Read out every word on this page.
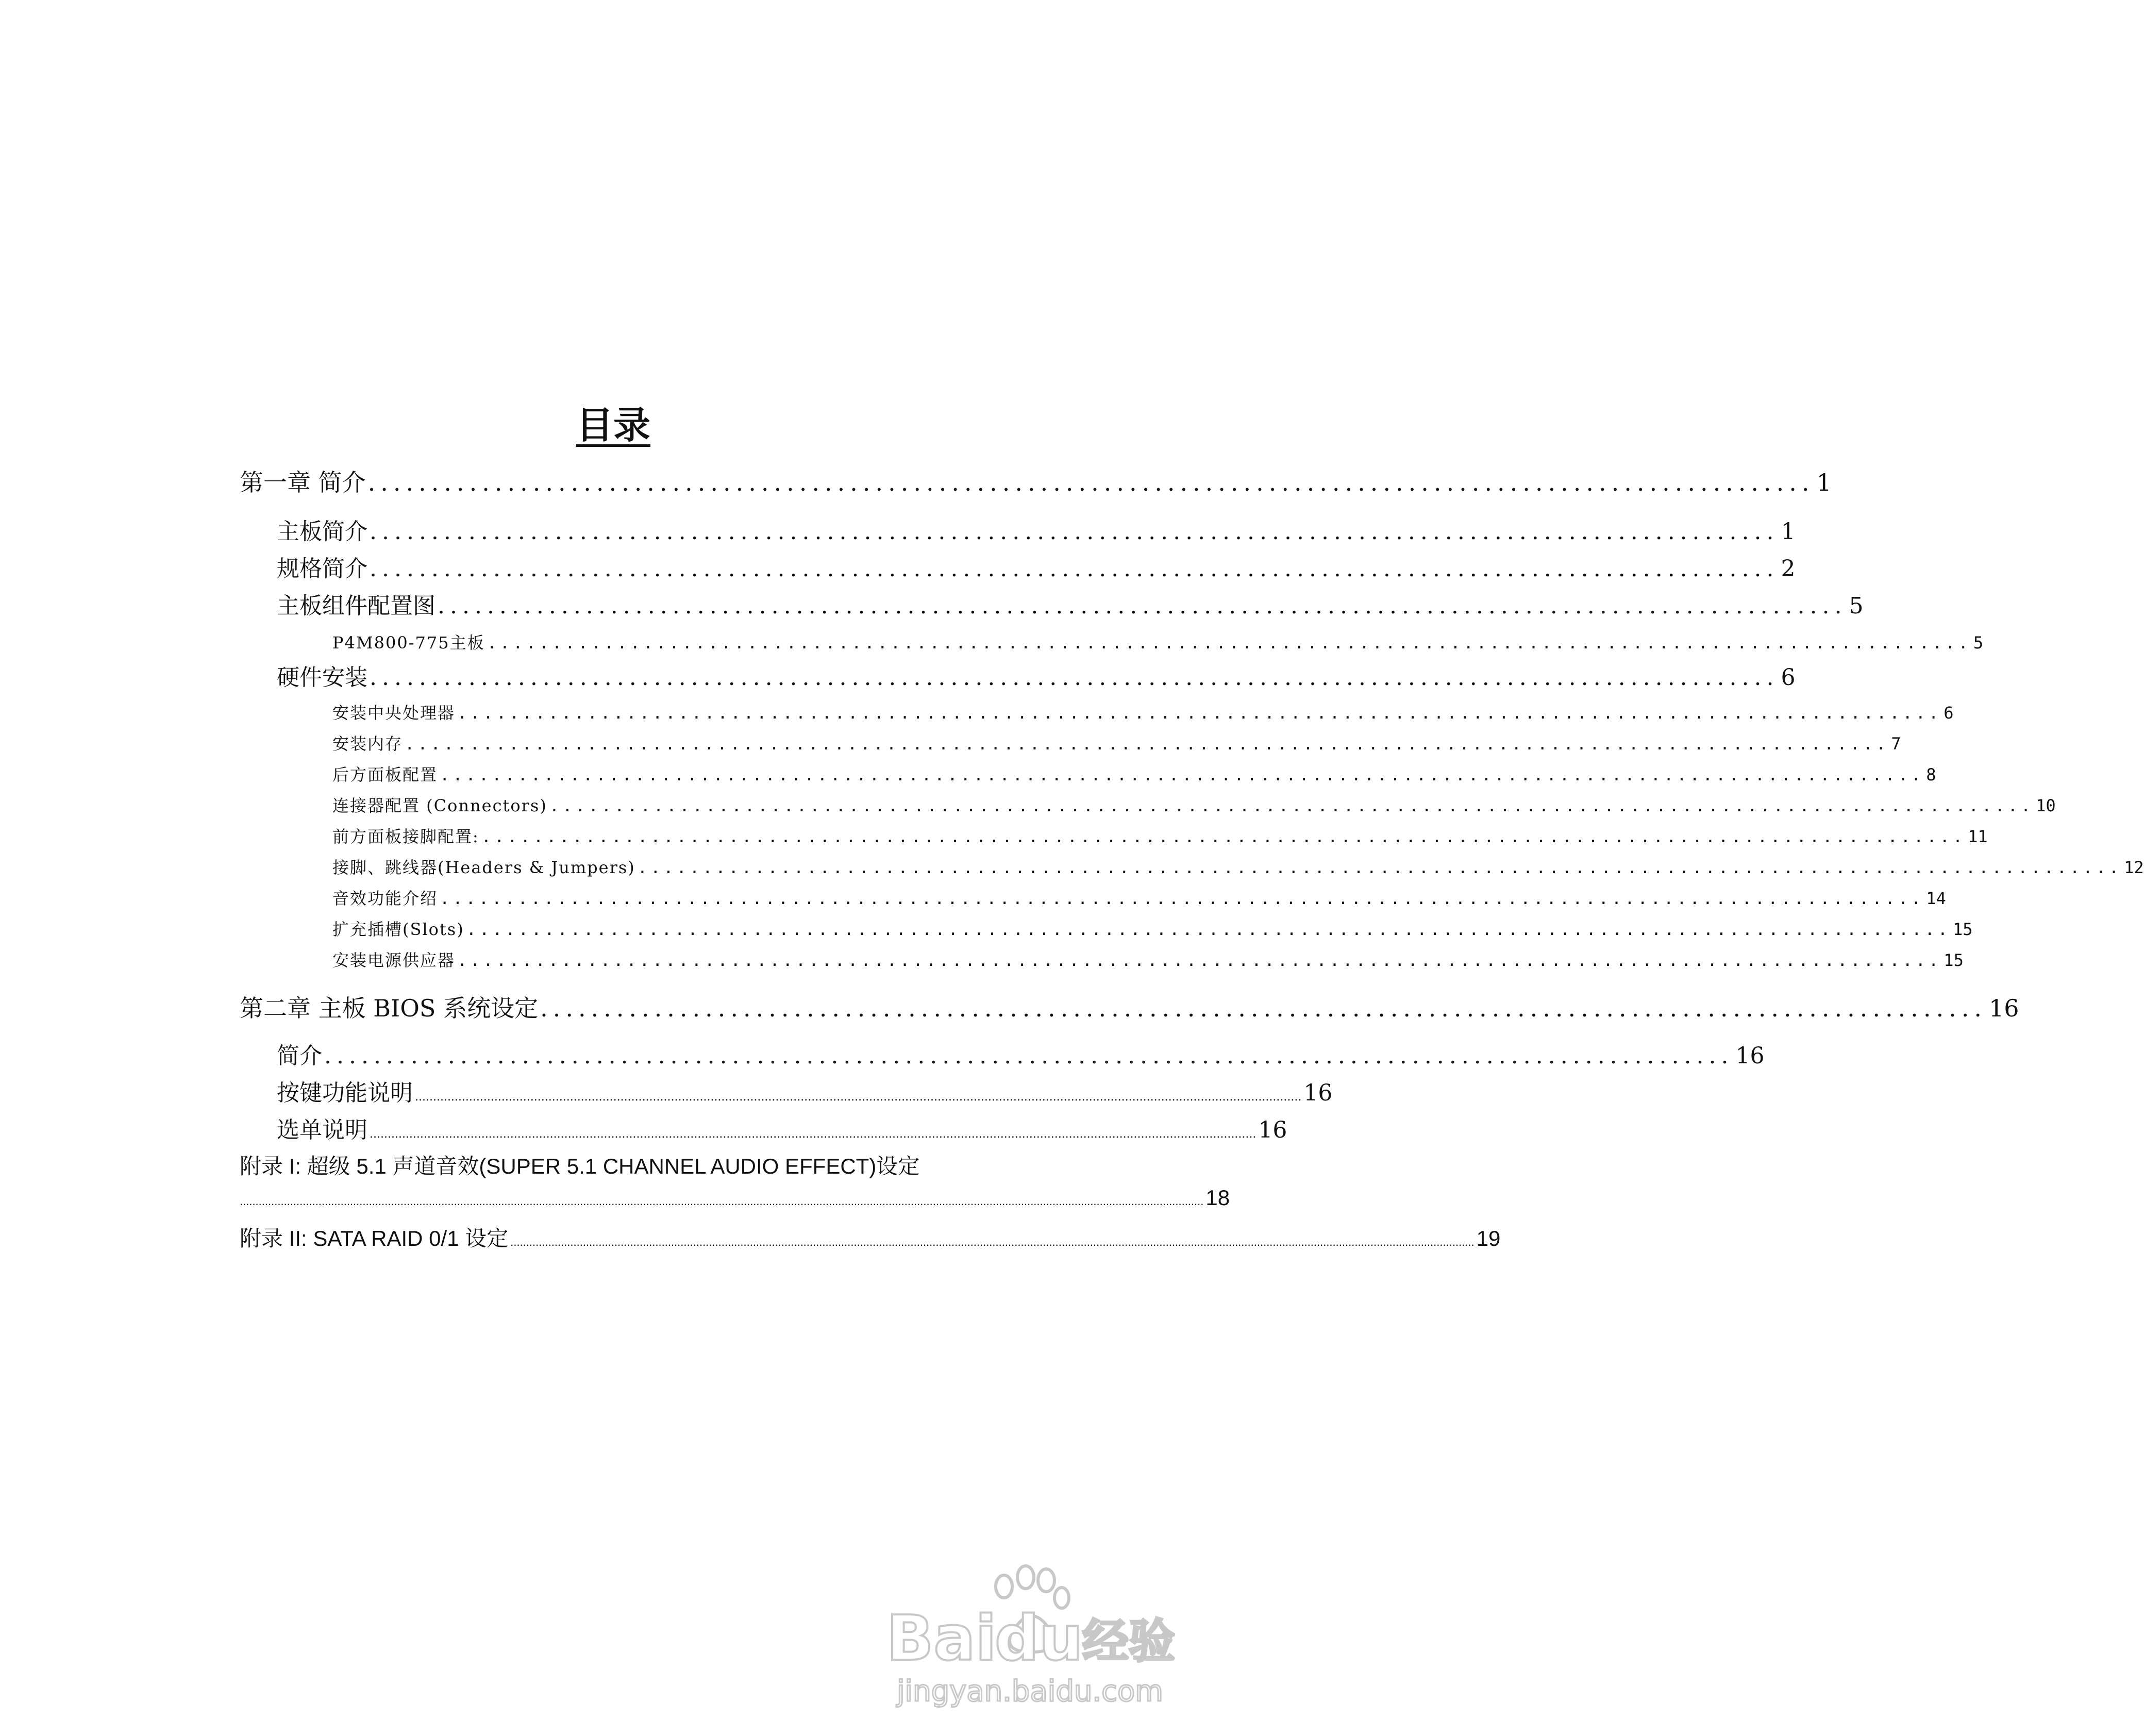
目录
第一章 简介 .................................................................................................................. 1
主板简介 .................................................................................................................. 1
规格简介 .................................................................................................................. 2
主板组件配置图 .................................................................................................................. 5
P4M800-775主板 .................................................................................................................. 5
硬件安装 .................................................................................................................. 6
安装中央处理器 .................................................................................................................. 6
安装内存 .................................................................................................................. 7
后方面板配置 .................................................................................................................. 8
连接器配置 (Connectors) .................................................................................................................. 10
前方面板接脚配置: .................................................................................................................. 11
接脚、跳线器(Headers & Jumpers) .................................................................................................................. 12
音效功能介绍 .................................................................................................................. 14
扩充插槽(Slots) .................................................................................................................. 15
安装电源供应器 .................................................................................................................. 15
第二章 主板 BIOS 系统设定 .................................................................................................................. 16
简介 .................................................................................................................. 16
按键功能说明 ...................................................................................................................................................................................................................................................... 16
选单说明 ...................................................................................................................................................................................................................................................... 16
附录 I: 超级 5.1 声道音效(SUPER 5.1 CHANNEL AUDIO EFFECT)设定
.................................................................................................................................................................................................................................................................................................................. 18
附录 II: SATA RAID 0/1 设定 .................................................................................................................................................................................................................................................................................................................. 19
Bai
du
经验
jingyan.baidu.com
